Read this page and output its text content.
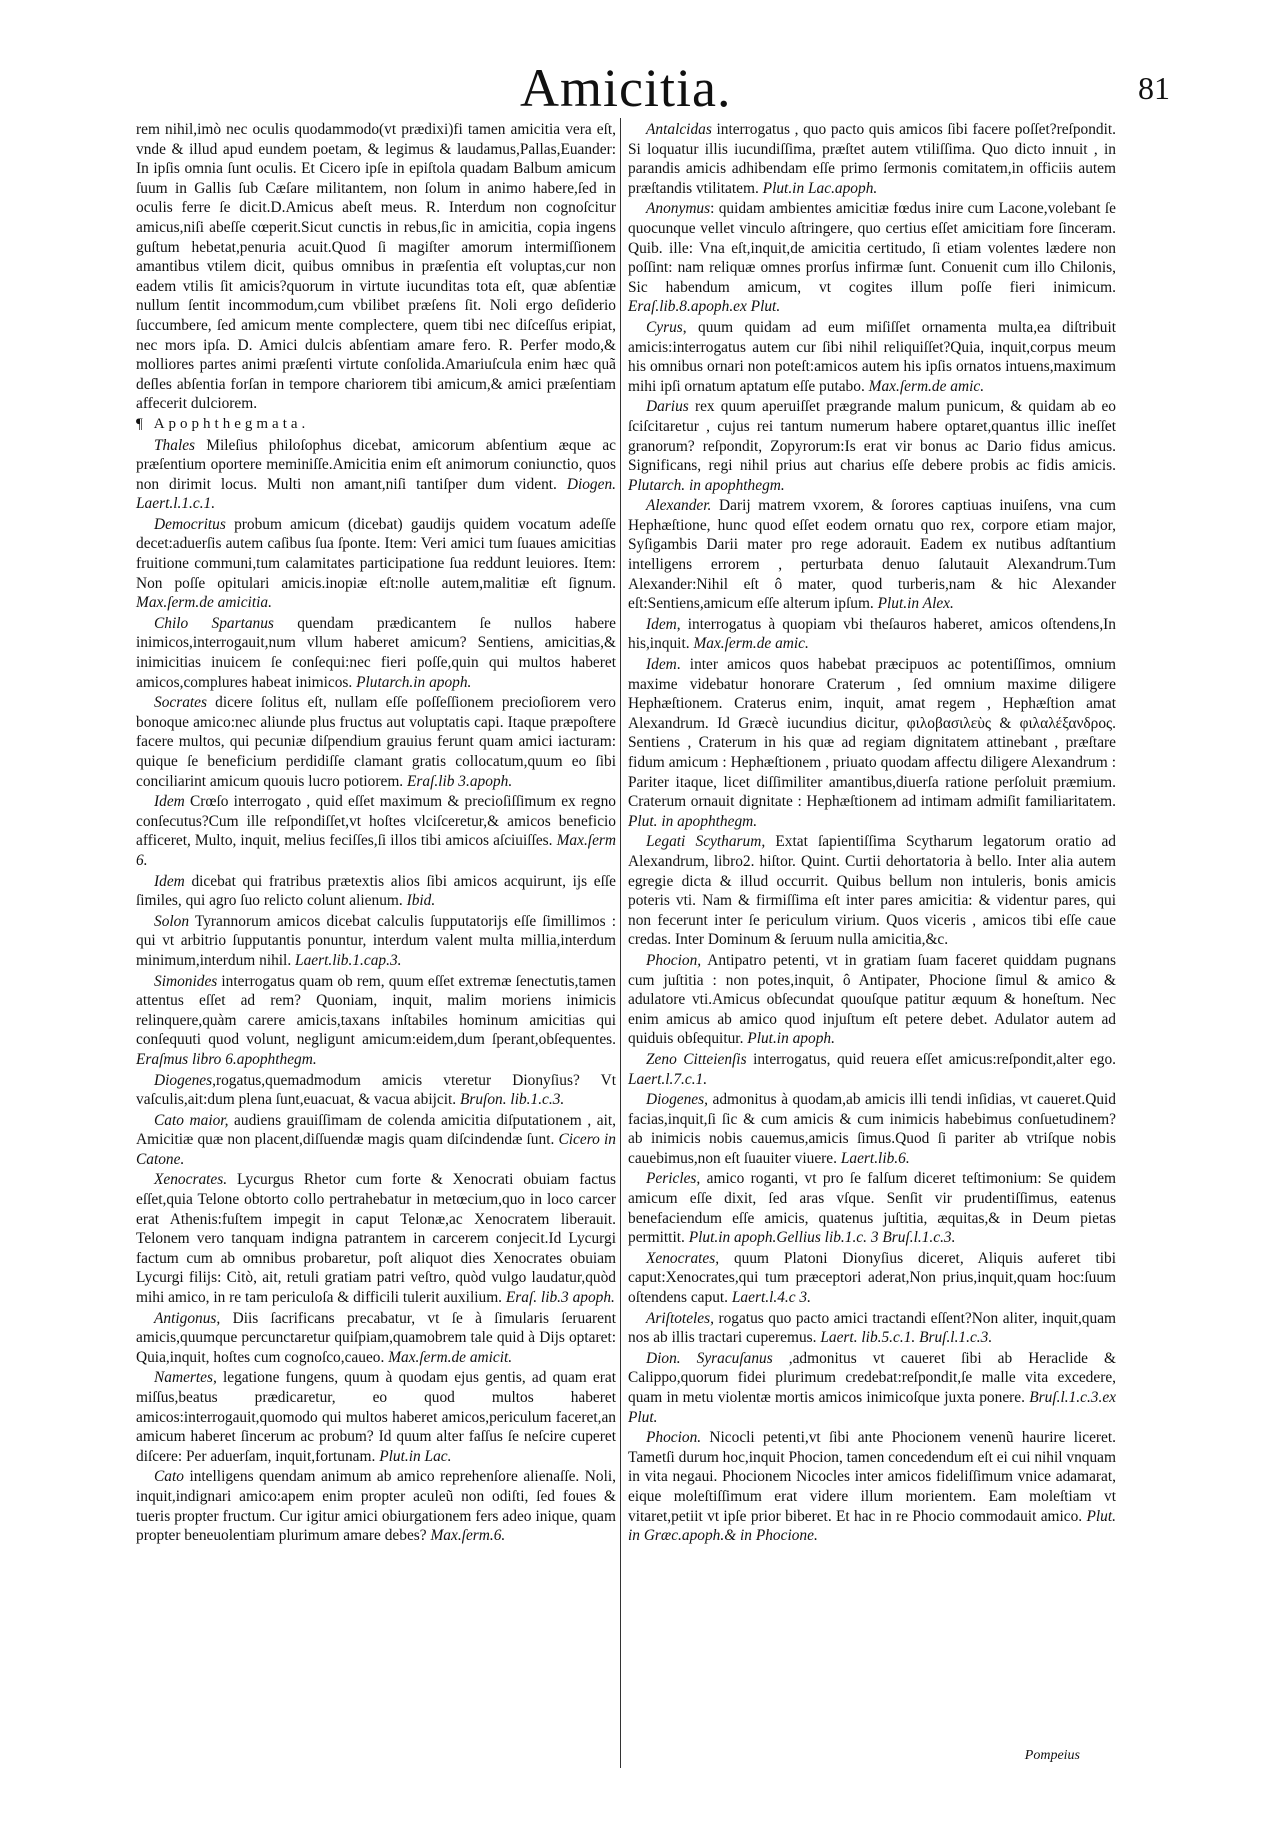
Amicitia.	81

rem nihil,imò nec oculis quodammodo(vt prædixi)fi tamen amicitia vera eſt, vnde & illud apud eundem poetam, & legimus & laudamus,Pallas,Euander: In ipſis omnia ſunt oculis. Et Cicero ipſe in epiſtola quadam Balbum amicum ſuum in Gallis ſub Cæſare militantem, non ſolum in animo habere,ſed in oculis ferre ſe dicit.D.Amicus abeſt meus. R. Interdum non cognoſcitur amicus,niſi abeſſe cœperit.Sicut cunctis in rebus,ſic in amicitia, copia ingens guſtum hebetat,penuria acuit.Quod ſi magiſter amorum intermiſſionem amantibus vtilem dicit, quibus omnibus in præſentia eſt voluptas,cur non eadem vtilis ſit amicis?quorum in virtute iucunditas tota eſt, quæ abſentiæ nullum ſentit incommodum,cum vbilibet præſens ſit. Noli ergo deſiderio ſuccumbere, ſed amicum mente complectere, quem tibi nec diſceſſus eripiat, nec mors ipſa. D. Amici dulcis abſentiam amare fero. R. Perfer modo,& molliores partes animi præſenti virtute conſolida.Amariuſcula enim hæc quã deſles abſentia forſan in tempore chariorem tibi amicum,& amici præſentiam affecerit dulciorem.

¶ Apophthegmata.

Thales Mileſius philoſophus dicebat, amicorum abſentium æque ac præſentium oportere meminiſſe.Amicitia enim eſt animorum coniunctio, quos non dirimit locus. Multi non amant,niſi tantiſper dum vident. Diogen. Laert.l.1.c.1.

Democritus probum amicum (dicebat) gaudijs quidem vocatum adeſſe decet:aduerſis autem caſibus ſua ſponte. Item: Veri amici tum ſuaues amicitias fruitione communi,tum calamitates participatione ſua reddunt leuiores. Item: Non poſſe opitulari amicis.inopiæ eſt:nolle autem,malitiæ eſt ſignum. Max.ſerm.de amicitia.

Chilo Spartanus quendam prædicantem ſe nullos habere inimicos,interrogauit,num vllum haberet amicum? Sentiens, amicitias,& inimicitias inuicem ſe conſequi:nec fieri poſſe,quin qui multos haberet amicos,complures habeat inimicos. Plutarch.in apoph.

Socrates dicere ſolitus eſt, nullam eſſe poſſeſſionem precioſiorem vero bonoque amico:nec aliunde plus fructus aut voluptatis capi. Itaque præpoſtere facere multos, qui pecuniæ diſpendium grauius ferunt quam amici iacturam: quique ſe beneficium perdidiſſe clamant gratis collocatum,quum eo ſibi conciliarint amicum quouis lucro potiorem. Eraſ.lib 3.apoph.

Idem Crœſo interrogato , quid eſſet maximum & precioſiſſimum ex regno conſecutus?Cum ille reſpondiſſet,vt hoſtes vlciſceretur,& amicos beneficio afficeret, Multo, inquit, melius feciſſes,ſi illos tibi amicos aſciuiſſes. Max.ſerm 6.

Idem dicebat qui fratribus prætextis alios ſibi amicos acquirunt, ijs eſſe ſimiles, qui agro ſuo relicto colunt alienum. Ibid.

Solon Tyrannorum amicos dicebat calculis ſupputatorijs eſſe ſimillimos : qui vt arbitrio ſupputantis ponuntur, interdum valent multa millia,interdum minimum,interdum nihil. Laert.lib.1.cap.3.

Simonides interrogatus quam ob rem, quum eſſet extremæ ſenectutis,tamen attentus eſſet ad rem? Quoniam, inquit, malim moriens inimicis relinquere,quàm carere amicis,taxans inſtabiles hominum amicitias qui conſequuti quod volunt, negligunt amicum:eidem,dum ſperant,obſequentes. Eraſmus libro 6.apophthegm.

Diogenes,rogatus,quemadmodum amicis vteretur Dionyſius? Vt vaſculis,ait:dum plena ſunt,euacuat, & vacua abijcit. Bruſon. lib.1.c.3.

Cato maior, audiens grauiſſimam de colenda amicitia diſputationem , ait, Amicitiæ quæ non placent,diſſuendæ magis quam diſcindendæ ſunt. Cicero in Catone.

Xenocrates. Lycurgus Rhetor cum forte & Xenocrati obuiam factus eſſet,quia Telone obtorto collo pertrahebatur in metœcium,quo in loco carcer erat Athenis:fuſtem impegit in caput Telonæ,ac Xenocratem liberauit. Telonem vero tanquam indigna patrantem in carcerem conjecit.Id Lycurgi factum cum ab omnibus probaretur, poſt aliquot dies Xenocrates obuiam Lycurgi filijs: Citò, ait, retuli gratiam patri veſtro, quòd vulgo laudatur,quòd mihi amico, in re tam periculoſa & difficili tulerit auxilium. Eraſ. lib.3 apoph.

Antigonus, Diis ſacrificans precabatur, vt ſe à ſimularis ſeruarent amicis,quumque percunctaretur quiſpiam,quamobrem tale quid à Dijs optaret: Quia,inquit, hoſtes cum cognoſco,caueo. Max.ſerm.de amicit.

Namertes, legatione fungens, quum à quodam ejus gentis, ad quam erat miſſus,beatus prædicaretur, eo quod multos haberet amicos:interrogauit,quomodo qui multos haberet amicos,periculum faceret,an amicum haberet ſincerum ac probum? Id quum alter faſſus ſe neſcire cuperet diſcere: Per aduerſam, inquit,fortunam. Plut.in Lac.

Cato intelligens quendam animum ab amico reprehenſore alienaſſe. Noli, inquit,indignari amico:apem enim propter aculeũ non odiſti, ſed foues & tueris propter fructum. Cur igitur amici obiurgationem fers adeo inique, quam propter beneuolentiam plurimum amare debes? Max.ſerm.6.

Antalcidas interrogatus , quo pacto quis amicos ſibi facere poſſet?reſpondit. Si loquatur illis iucundiſſima, præſtet autem vtiliſſima. Quo dicto innuit , in parandis amicis adhibendam eſſe primo ſermonis comitatem,in officiis autem præſtandis vtilitatem. Plut.in Lac.apoph.

Anonymus: quidam ambientes amicitiæ fœdus inire cum Lacone,volebant ſe quocunque vellet vinculo aſtringere, quo certius eſſet amicitiam fore ſinceram. Quib. ille: Vna eſt,inquit,de amicitia certitudo, ſi etiam volentes lædere non poſſint: nam reliquæ omnes prorſus infirmæ ſunt. Conuenit cum illo Chilonis, Sic habendum amicum, vt cogites illum poſſe fieri inimicum. Eraſ.lib.8.apoph.ex Plut.

Cyrus, quum quidam ad eum miſiſſet ornamenta multa,ea diſtribuit amicis:interrogatus autem cur ſibi nihil reliquiſſet?Quia, inquit,corpus meum his omnibus ornari non poteſt:amicos autem his ipſis ornatos intuens,maximum mihi ipſi ornatum aptatum eſſe putabo. Max.ſerm.de amic.

Darius rex quum aperuiſſet prægrande malum punicum, & quidam ab eo ſciſcitaretur , cujus rei tantum numerum habere optaret,quantus illic ineſſet granorum? reſpondit, Zopyrorum:Is erat vir bonus ac Dario fidus amicus. Significans, regi nihil prius aut charius eſſe debere probis ac fidis amicis. Plutarch. in apophthegm.

Alexander. Darij matrem vxorem, & ſorores captiuas inuiſens, vna cum Hephæſtione, hunc quod eſſet eodem ornatu quo rex, corpore etiam major, Syſigambis Darii mater pro rege adorauit. Eadem ex nutibus adſtantium intelligens errorem , perturbata denuo ſalutauit Alexandrum.Tum Alexander:Nihil eſt ô mater, quod turberis,nam & hic Alexander eſt:Sentiens,amicum eſſe alterum ipſum. Plut.in Alex.

Idem, interrogatus à quopiam vbi theſauros haberet, amicos oſtendens,In his,inquit. Max.ſerm.de amic.

Idem. inter amicos quos habebat præcipuos ac potentiſſimos, omnium maxime videbatur honorare Craterum , ſed omnium maxime diligere Hephæſtionem. Craterus enim, inquit, amat regem , Hephæſtion amat Alexandrum. Id Græcè iucundius dicitur, φιλοβασιλεὺς & φιλαλέξανδρος. Sentiens , Craterum in his quæ ad regiam dignitatem attinebant , præſtare fidum amicum : Hephæſtionem , priuato quodam affectu diligere Alexandrum : Pariter itaque, licet diſſimiliter amantibus,diuerſa ratione perſoluit præmium. Craterum ornauit dignitate : Hephæſtionem ad intimam admiſit familiaritatem. Plut. in apophthegm.

Legati Scytharum, Extat ſapientiſſima Scytharum legatorum oratio ad Alexandrum, libro2. hiſtor. Quint. Curtii dehortatoria à bello. Inter alia autem egregie dicta & illud occurrit. Quibus bellum non intuleris, bonis amicis poteris vti. Nam & firmiſſima eſt inter pares amicitia: & videntur pares, qui non fecerunt inter ſe periculum virium. Quos viceris , amicos tibi eſſe caue credas. Inter Dominum & ſeruum nulla amicitia,&c.

Phocion, Antipatro petenti, vt in gratiam ſuam faceret quiddam pugnans cum juſtitia : non potes,inquit, ô Antipater, Phocione ſimul & amico & adulatore vti.Amicus obſecundat quouſque patitur æquum & honeſtum. Nec enim amicus ab amico quod injuſtum eſt petere debet. Adulator autem ad quiduis obſequitur. Plut.in apoph.

Zeno Citteienſis interrogatus, quid reuera eſſet amicus:reſpondit,alter ego. Laert.l.7.c.1.

Diogenes, admonitus à quodam,ab amicis illi tendi inſidias, vt caueret.Quid facias,inquit,ſi ſic & cum amicis & cum inimicis habebimus conſuetudinem? ab inimicis nobis cauemus,amicis ſimus.Quod ſi pariter ab vtriſque nobis cauebimus,non eſt ſuauiter viuere. Laert.lib.6.

Pericles, amico roganti, vt pro ſe falſum diceret teſtimonium: Se quidem amicum eſſe dixit, ſed aras vſque. Senſit vir prudentiſſimus, eatenus benefaciendum eſſe amicis, quatenus juſtitia, æquitas,& in Deum pietas permittit. Plut.in apoph.Gellius lib.1.c. 3 Bruſ.l.1.c.3.

Xenocrates, quum Platoni Dionyſius diceret, Aliquis auferet tibi caput:Xenocrates,qui tum præceptori aderat,Non prius,inquit,quam hoc:ſuum oſtendens caput. Laert.l.4.c 3.

Ariſtoteles, rogatus quo pacto amici tractandi eſſent?Non aliter, inquit,quam nos ab illis tractari cuperemus. Laert. lib.5.c.1. Bruſ.l.1.c.3.

Dion. Syracuſanus ,admonitus vt caueret ſibi ab Heraclide & Calippo,quorum fidei plurimum credebat:reſpondit,ſe malle vita excedere, quam in metu violentæ mortis amicos inimicoſque juxta ponere. Bruſ.l.1.c.3.ex Plut.

Phocion. Nicocli petenti,vt ſibi ante Phocionem venenũ haurire liceret. Tametſi durum hoc,inquit Phocion, tamen concedendum eſt ei cui nihil vnquam in vita negaui. Phocionem Nicocles inter amicos fideliſſimum vnice adamarat, eique moleſtiſſimum erat videre illum morientem. Eam moleſtiam vt vitaret,petiit vt ipſe prior biberet. Et hac in re Phocio commodauit amico. Plut. in Græc.apoph.& in Phocione.

Pompeius
